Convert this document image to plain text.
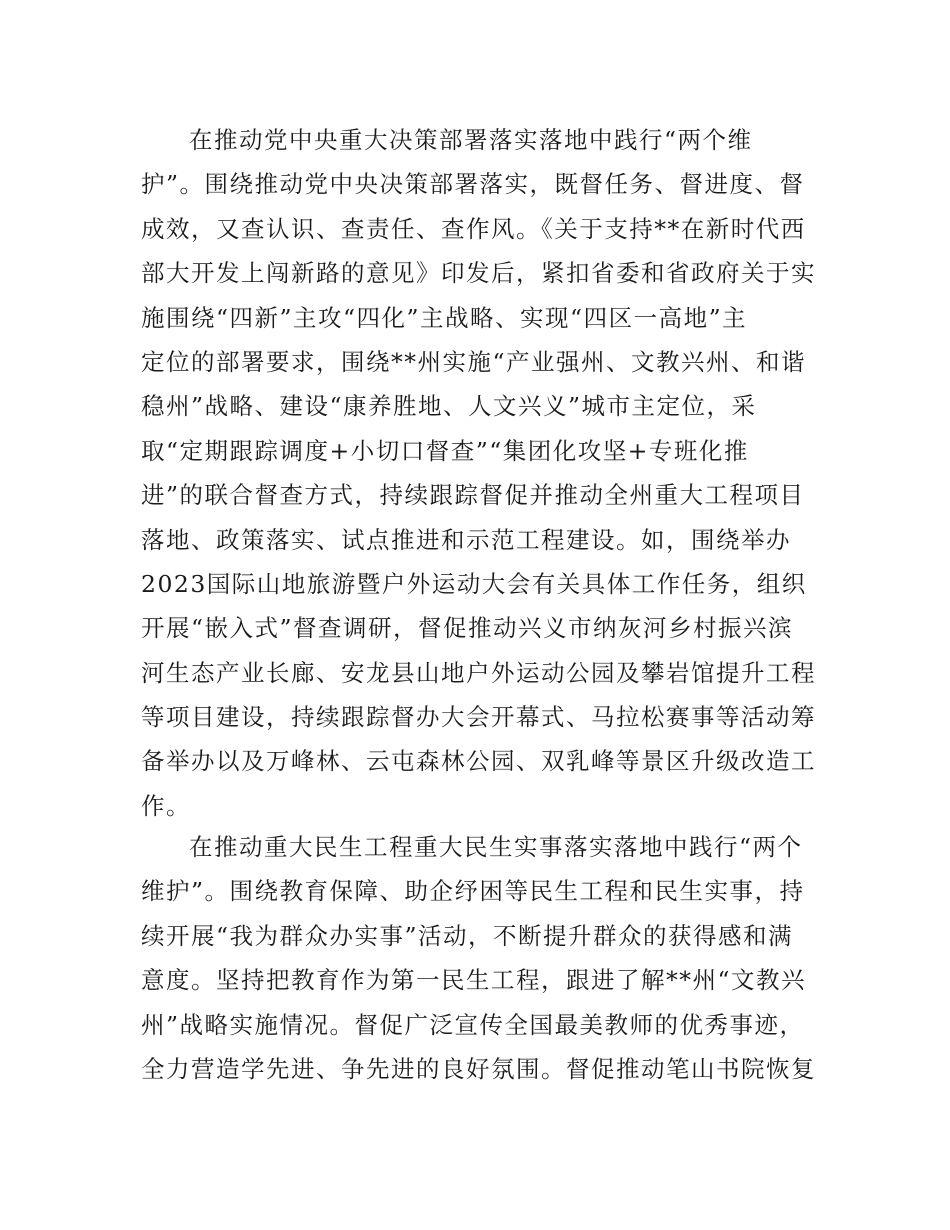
在推动党中央重大决策部署落实落地中践行“两个维
护”。围绕推动党中央决策部署落实，既督任务、督进度、督
成效，又查认识、查责任、查作风。《关于支持**在新时代西
部大开发上闯新路的意见》印发后，紧扣省委和省政府关于实
施围绕“四新”主攻“四化”主战略、实现“四区一高地”主
定位的部署要求，围绕**州实施“产业强州、文教兴州、和谐
稳州”战略、建设“康养胜地、人文兴义”城市主定位，采
取“定期跟踪调度+小切口督查”“集团化攻坚+专班化推
进”的联合督查方式，持续跟踪督促并推动全州重大工程项目
落地、政策落实、试点推进和示范工程建设。如，围绕举办
2023国际山地旅游暨户外运动大会有关具体工作任务，组织
开展“嵌入式”督查调研，督促推动兴义市纳灰河乡村振兴滨
河生态产业长廊、安龙县山地户外运动公园及攀岩馆提升工程
等项目建设，持续跟踪督办大会开幕式、马拉松赛事等活动筹
备举办以及万峰林、云屯森林公园、双乳峰等景区升级改造工
作。
在推动重大民生工程重大民生实事落实落地中践行“两个
维护”。围绕教育保障、助企纾困等民生工程和民生实事，持
续开展“我为群众办实事”活动，不断提升群众的获得感和满
意度。坚持把教育作为第一民生工程，跟进了解**州“文教兴
州”战略实施情况。督促广泛宣传全国最美教师的优秀事迹，
全力营造学先进、争先进的良好氛围。督促推动笔山书院恢复
